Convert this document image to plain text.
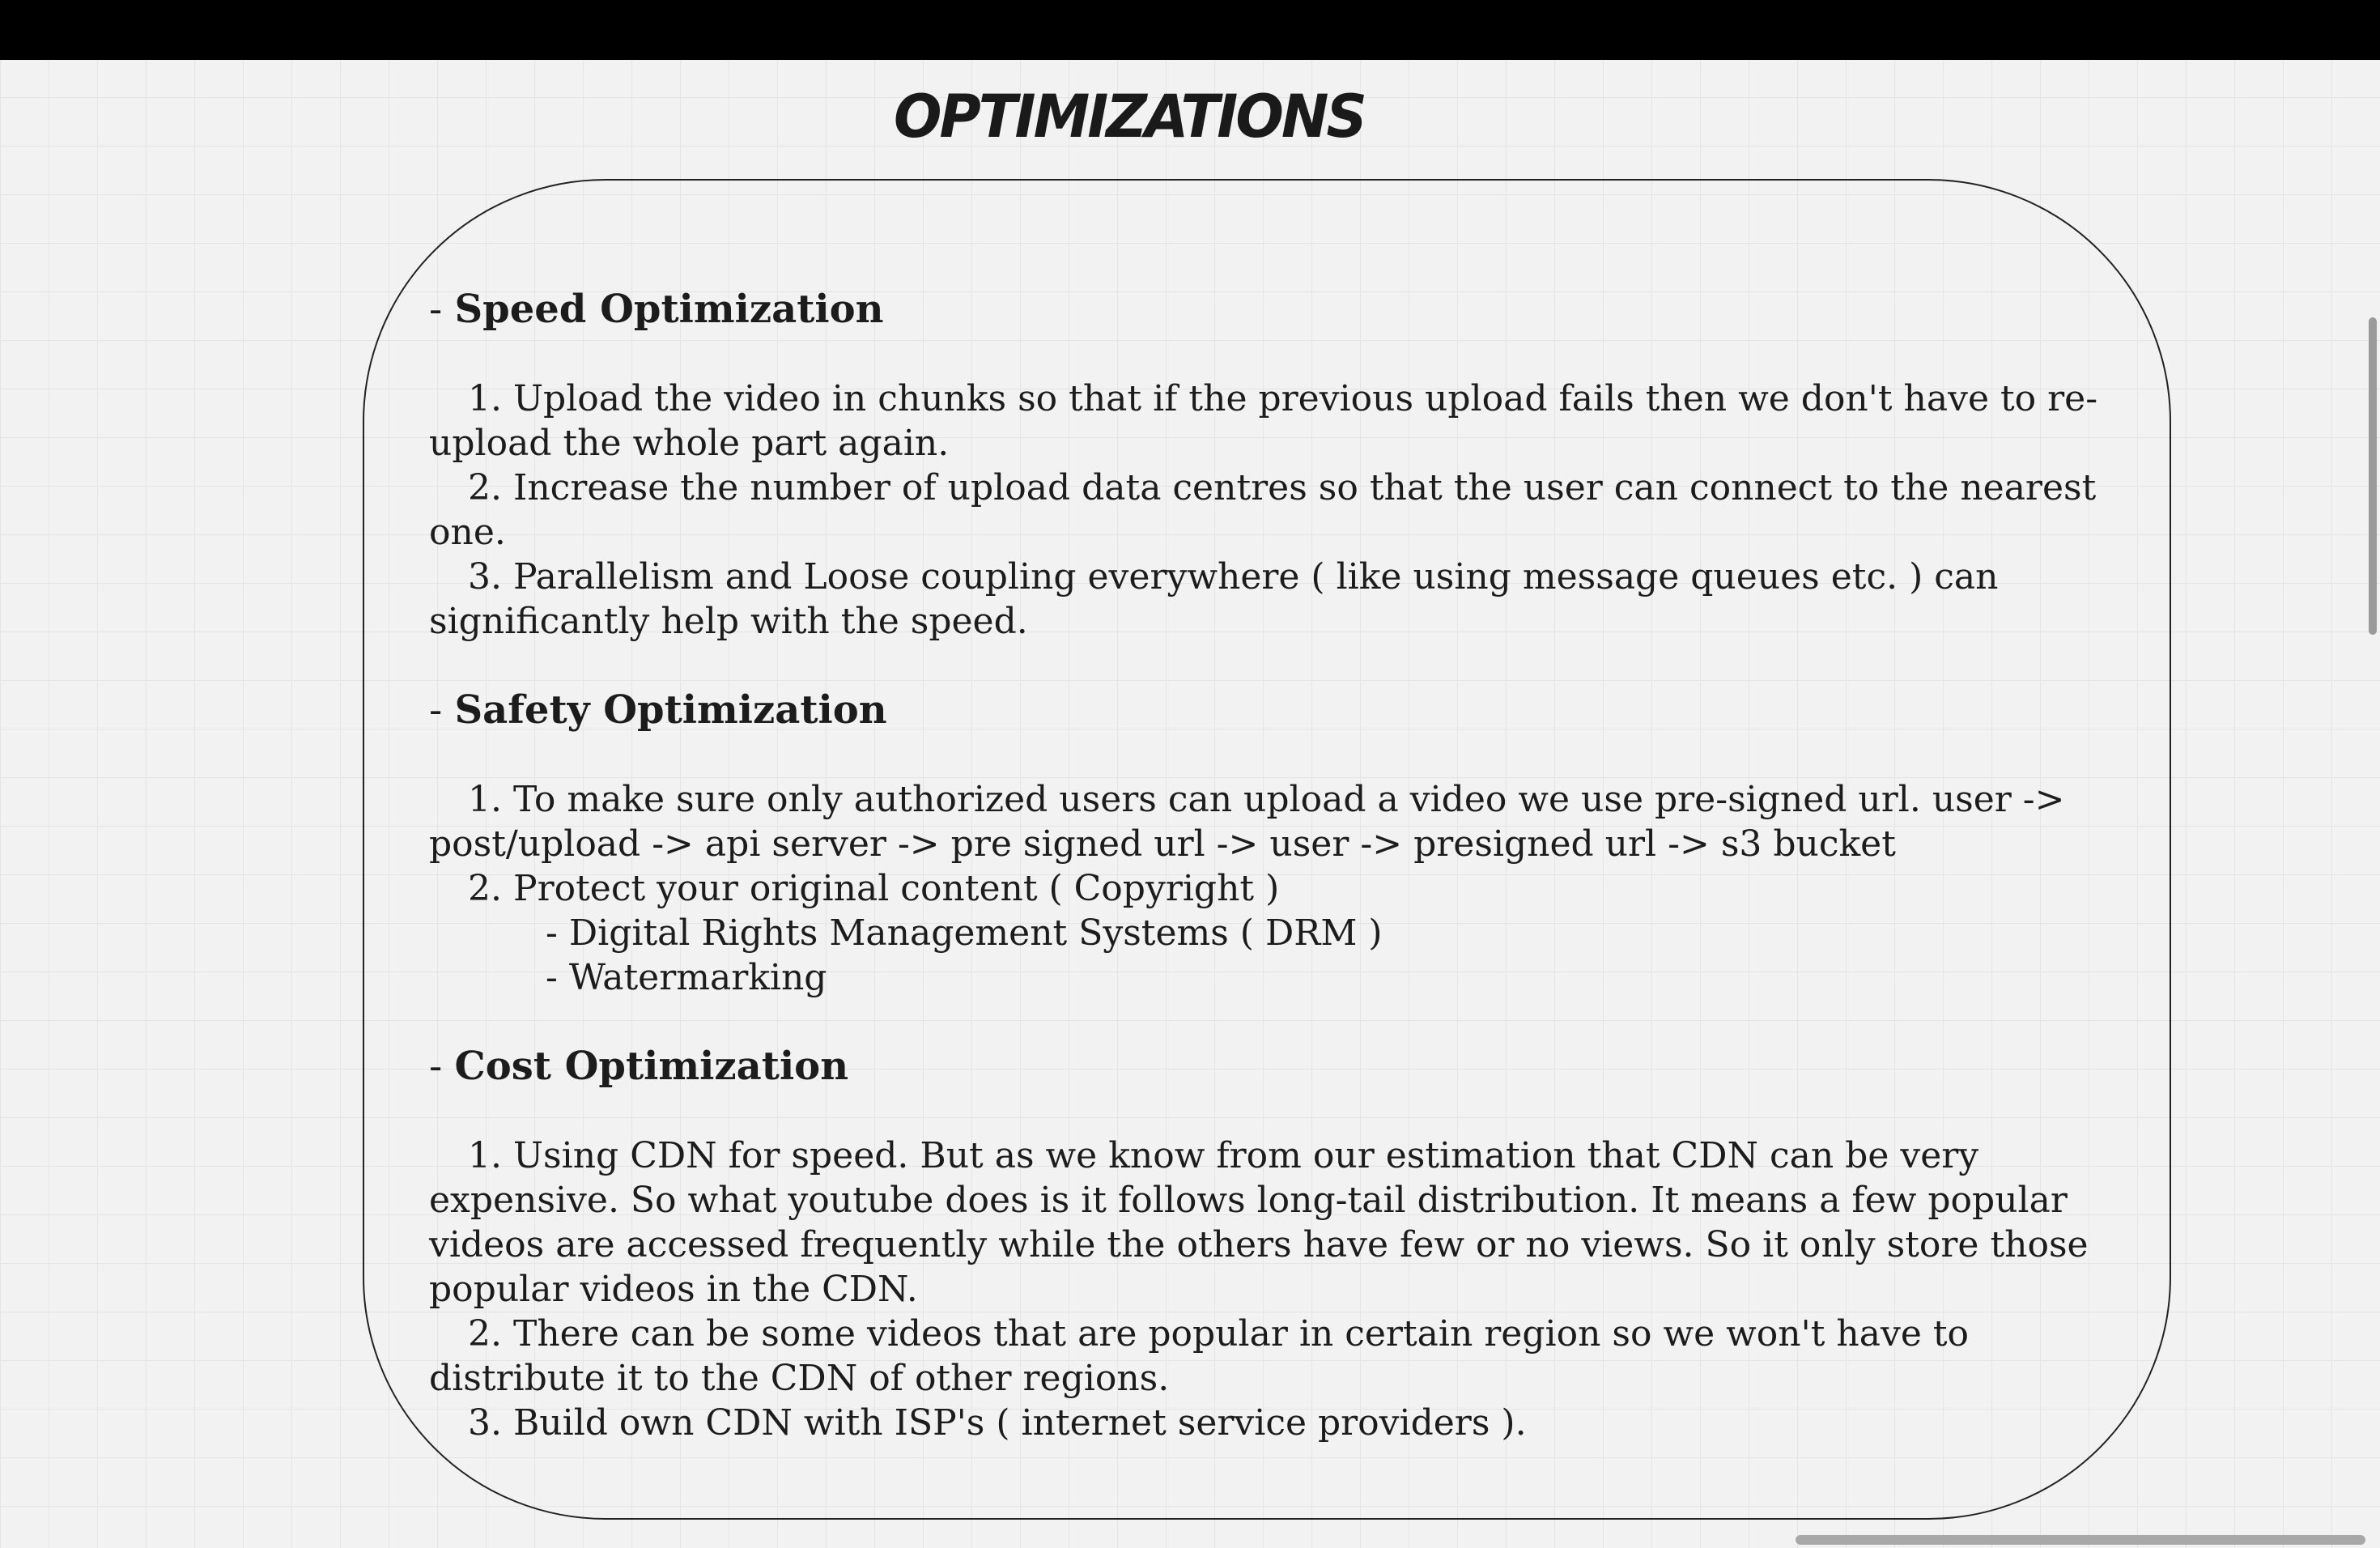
OPTIMIZATIONS
- Speed Optimization

1. Upload the video in chunks so that if the previous upload fails then we don't have to re-upload the whole part again.

2. Increase the number of upload data centres so that the user can connect to the nearest one.

3. Parallelism and Loose coupling everywhere ( like using message queues etc. ) can significantly help with the speed.

- Safety Optimization

1. To make sure only authorized users can upload a video we use pre-signed url. user -> post/upload -> api server -> pre signed url -> user -> presigned url -> s3 bucket

2. Protect your original content ( Copyright )

- Digital Rights Management Systems ( DRM )

- Watermarking

- Cost Optimization

1. Using CDN for speed. But as we know from our estimation that CDN can be very expensive. So what youtube does is it follows long-tail distribution. It means a few popular videos are accessed frequently while the others have few or no views. So it only store those popular videos in the CDN.

2. There can be some videos that are popular in certain region so we won't have to distribute it to the CDN of other regions.

3. Build own CDN with ISP's ( internet service providers ).
